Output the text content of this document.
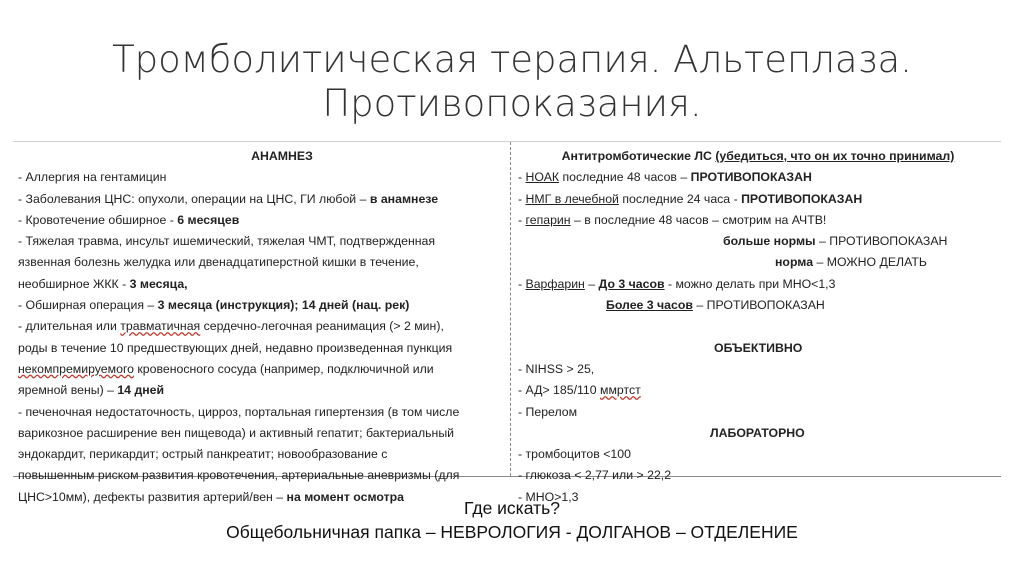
Тромболитическая терапия. Альтеплаза.
Противопоказания.
АНАМНЕЗ
- Аллергия на гентамицин
- Заболевания ЦНС: опухоли, операции на ЦНС, ГИ любой – в анамнезе
- Кровотечение обширное - 6 месяцев
- Тяжелая травма, инсульт ишемический, тяжелая ЧМТ, подтвержденная
язвенная болезнь желудка или двенадцатиперстной кишки в течение,
необширное ЖКК - 3 месяца,
- Обширная операция – 3 месяца (инструкция); 14 дней (нац. рек)
- длительная или травматичная сердечно-легочная реанимация (> 2 мин),
роды в течение 10 предшествующих дней, недавно произведенная пункция
некомпремируемого кровеносного сосуда (например, подключичной или
яремной вены) – 14 дней
- печеночная недостаточность, цирроз, портальная гипертензия (в том числе
варикозное расширение вен пищевода) и активный гепатит; бактериальный
эндокардит, перикардит; острый панкреатит; новообразование с
повышенным риском развития кровотечения, артериальные аневризмы (для
ЦНС>10мм), дефекты развития артерий/вен – на момент осмотра
Антитромботические ЛС (убедиться, что он их точно принимал)
- НОАК последние 48 часов – ПРОТИВОПОКАЗАН
- НМГ в лечебной последние 24 часа - ПРОТИВОПОКАЗАН
- гепарин – в последние 48 часов – смотрим на АЧТВ!
больше нормы – ПРОТИВОПОКАЗАН
норма – МОЖНО ДЕЛАТЬ
- Варфарин – До 3 часов - можно делать при МНО<1,3
Более 3 часов – ПРОТИВОПОКАЗАН
ОБЪЕКТИВНО
- NIHSS > 25,
- АД> 185/110 ммртст
- Перелом
ЛАБОРАТОРНО
- тромбоцитов <100
- глюкоза < 2,77 или > 22,2
- МНО>1,3
Где искать?
Общебольничная папка – НЕВРОЛОГИЯ - ДОЛГАНОВ – ОТДЕЛЕНИЕ
